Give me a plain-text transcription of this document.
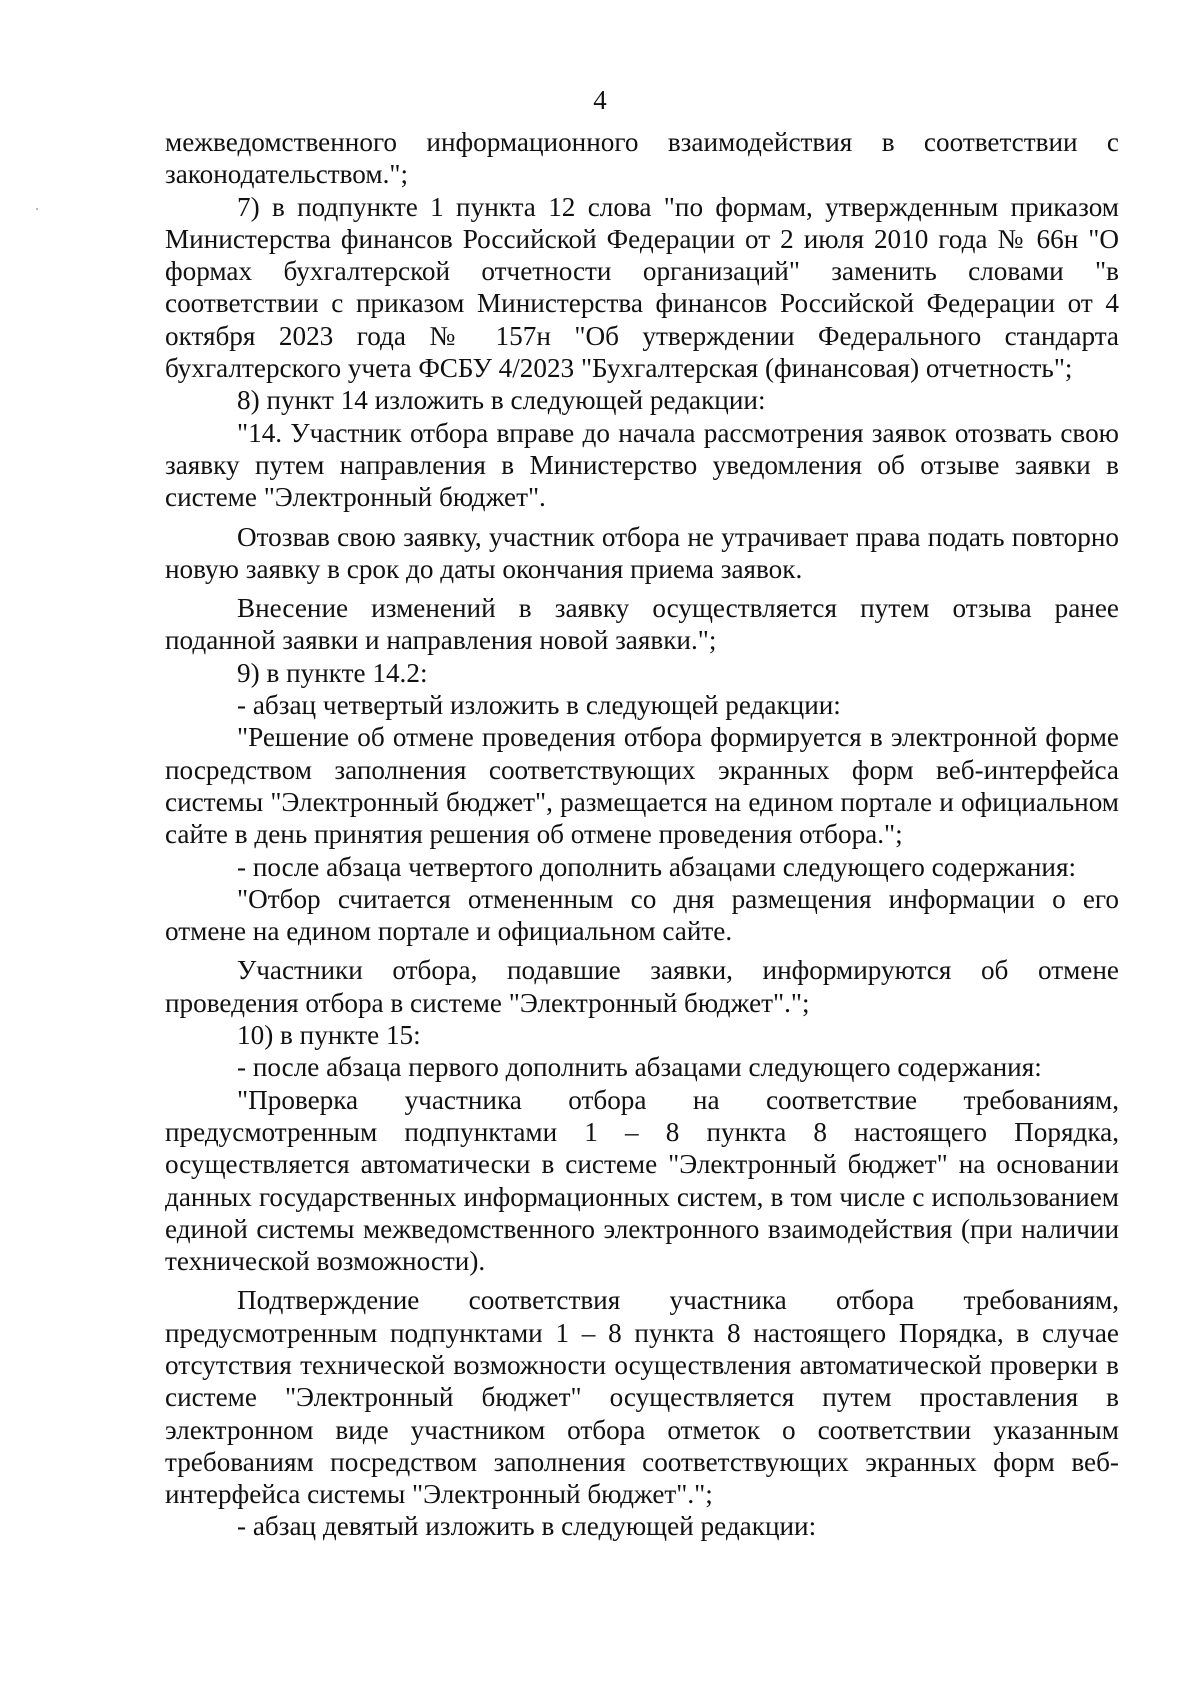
4

межведомственного информационного взаимодействия в соответствии с законодательством.";

7) в подпункте 1 пункта 12 слова "по формам, утвержденным приказом Министерства финансов Российской Федерации от 2 июля 2010 года № 66н "О формах бухгалтерской отчетности организаций" заменить словами "в соответствии с приказом Министерства финансов Российской Федерации от 4 октября 2023 года № 157н "Об утверждении Федерального стандарта бухгалтерского учета ФСБУ 4/2023 "Бухгалтерская (финансовая) отчетность";

8) пункт 14 изложить в следующей редакции:

"14. Участник отбора вправе до начала рассмотрения заявок отозвать свою заявку путем направления в Министерство уведомления об отзыве заявки в системе "Электронный бюджет".

Отозвав свою заявку, участник отбора не утрачивает права подать повторно новую заявку в срок до даты окончания приема заявок.

Внесение изменений в заявку осуществляется путем отзыва ранее поданной заявки и направления новой заявки.";

9) в пункте 14.2:

- абзац четвертый изложить в следующей редакции:

"Решение об отмене проведения отбора формируется в электронной форме посредством заполнения соответствующих экранных форм веб-интерфейса системы "Электронный бюджет", размещается на едином портале и официальном сайте в день принятия решения об отмене проведения отбора.";

- после абзаца четвертого дополнить абзацами следующего содержания:

"Отбор считается отмененным со дня размещения информации о его отмене на едином портале и официальном сайте.

Участники отбора, подавшие заявки, информируются об отмене проведения отбора в системе "Электронный бюджет".";

10) в пункте 15:

- после абзаца первого дополнить абзацами следующего содержания:

"Проверка участника отбора на соответствие требованиям, предусмотренным подпунктами 1 – 8 пункта 8 настоящего Порядка, осуществляется автоматически в системе "Электронный бюджет" на основании данных государственных информационных систем, в том числе с использованием единой системы межведомственного электронного взаимодействия (при наличии технической возможности).

Подтверждение соответствия участника отбора требованиям, предусмотренным подпунктами 1 – 8 пункта 8 настоящего Порядка, в случае отсутствия технической возможности осуществления автоматической проверки в системе "Электронный бюджет" осуществляется путем проставления в электронном виде участником отбора отметок о соответствии указанным требованиям посредством заполнения соответствующих экранных форм веб-интерфейса системы "Электронный бюджет".";

- абзац девятый изложить в следующей редакции:
